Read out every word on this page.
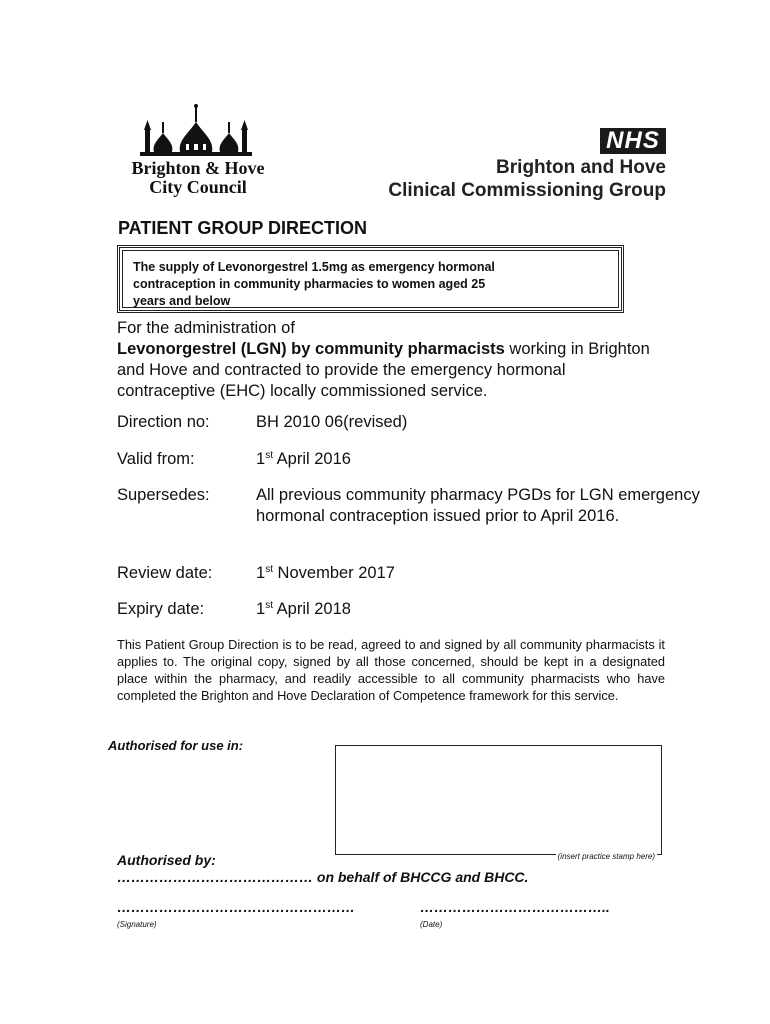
Brighton & Hove
City Council
NHS
Brighton and Hove
Clinical Commissioning Group
PATIENT GROUP DIRECTION
The supply of Levonorgestrel 1.5mg as emergency hormonal
contraception in community pharmacies to women aged 25
years and below
For the administration of
Levonorgestrel (LGN) by community pharmacists working in Brighton
and Hove and contracted to provide the emergency hormonal
contraceptive (EHC) locally commissioned service.
Direction no:	BH 2010 06(revised)
Valid from:	1st April 2016
Supersedes:	All previous community pharmacy PGDs for LGN emergency hormonal contraception issued prior to April 2016.
Review date:	1st November 2017
Expiry date:	1st April 2018
This Patient Group Direction is to be read, agreed to and signed by all community pharmacists it applies to. The original copy, signed by all those concerned, should be kept in a designated place within the pharmacy, and readily accessible to all community pharmacists who have completed the Brighton and Hove Declaration of Competence framework for this service.
Authorised for use in:
(insert practice stamp here)
Authorised by:
…………………………………… on behalf of BHCCG and BHCC.
……………………………………………	…………………………………..
(Signature)	(Date)
